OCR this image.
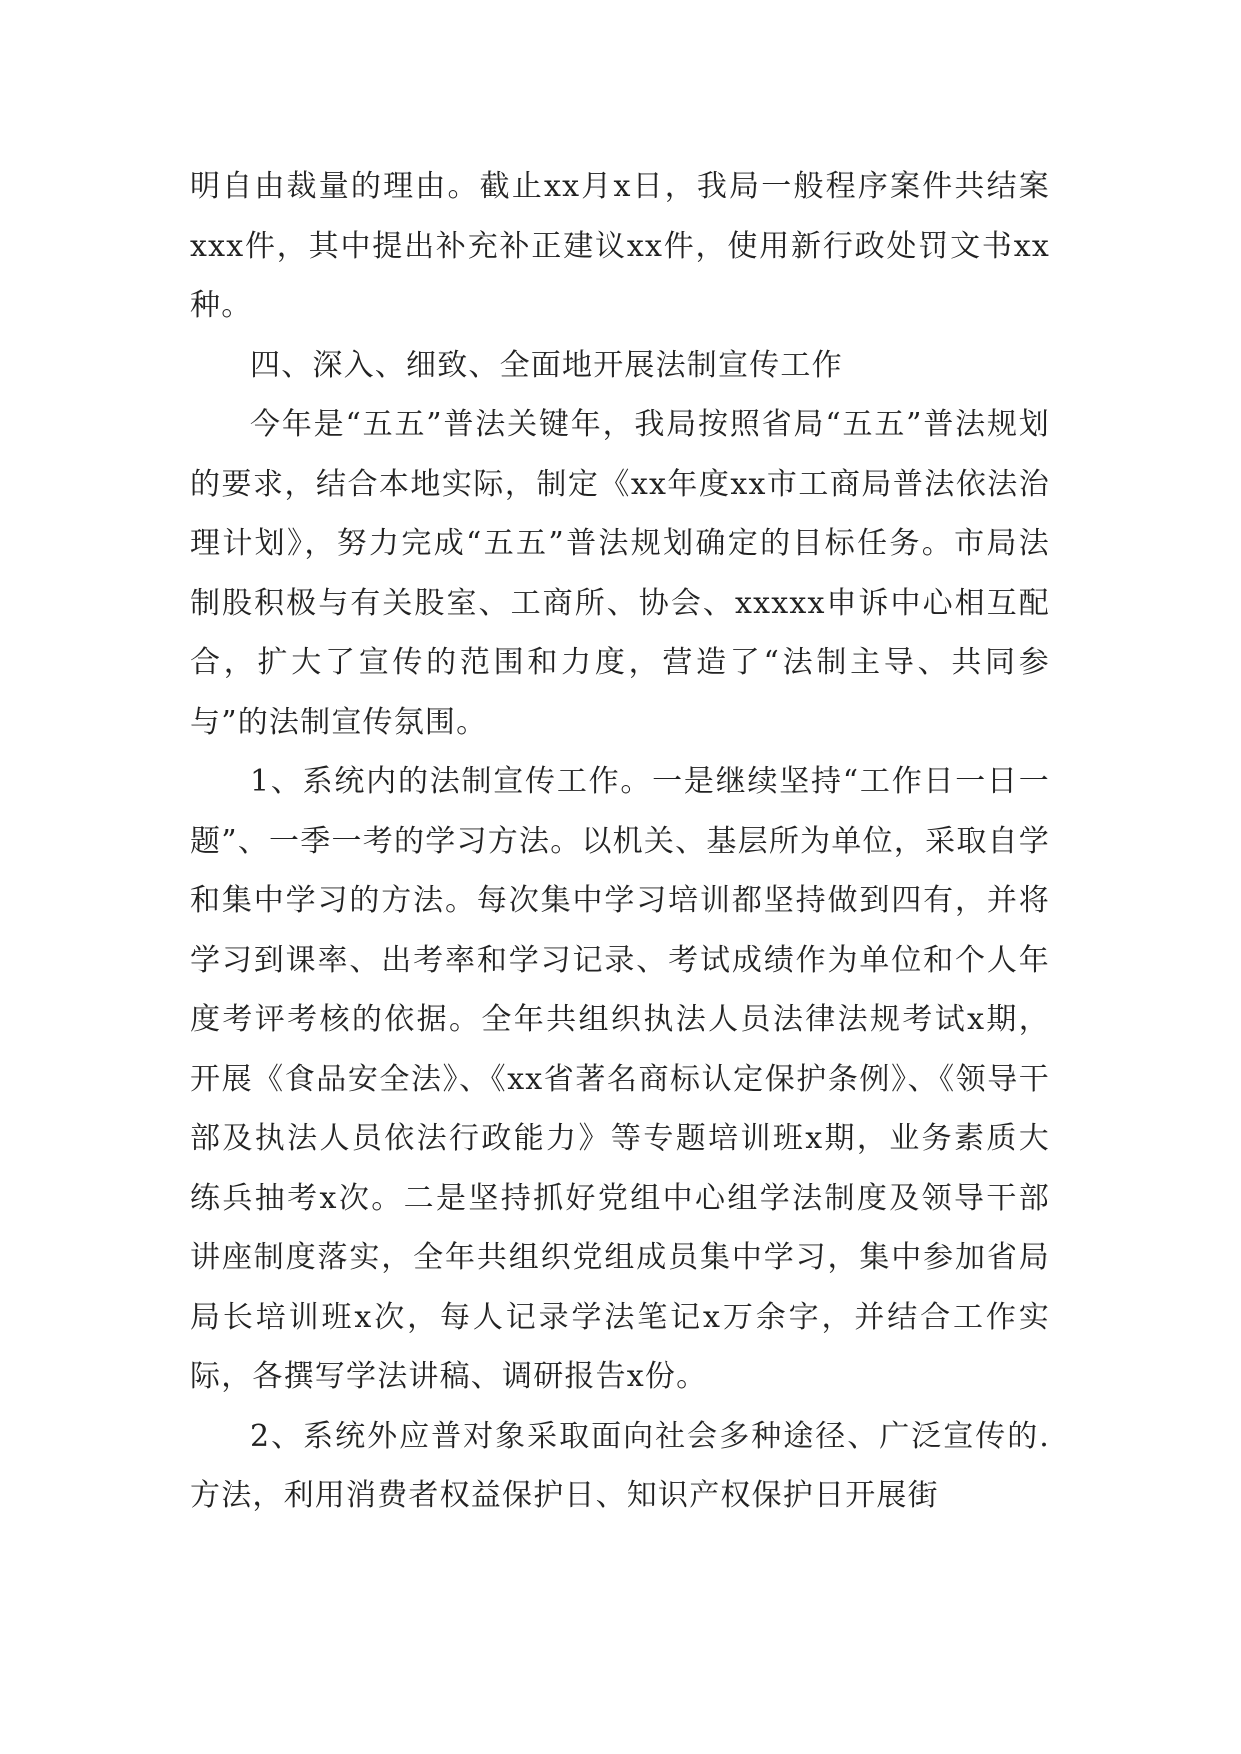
明自由裁量的理由。截止xx月x日，我局一般程序案件共结案xxx件，其中提出补充补正建议xx件，使用新行政处罚文书xx种。

四、深入、细致、全面地开展法制宣传工作

今年是“五五”普法关键年，我局按照省局“五五”普法规划的要求，结合本地实际，制定《xx年度xx市工商局普法依法治理计划》，努力完成“五五”普法规划确定的目标任务。市局法制股积极与有关股室、工商所、协会、xxxxx申诉中心相互配合，扩大了宣传的范围和力度，营造了“法制主导、共同参与”的法制宣传氛围。

1、系统内的法制宣传工作。一是继续坚持“工作日一日一题”、一季一考的学习方法。以机关、基层所为单位，采取自学和集中学习的方法。每次集中学习培训都坚持做到四有，并将学习到课率、出考率和学习记录、考试成绩作为单位和个人年度考评考核的依据。全年共组织执法人员法律法规考试x期，开展《食品安全法》、《xx省著名商标认定保护条例》、《领导干部及执法人员依法行政能力》等专题培训班x期，业务素质大练兵抽考x次。二是坚持抓好党组中心组学法制度及领导干部讲座制度落实，全年共组织党组成员集中学习，集中参加省局局长培训班x次，每人记录学法笔记x万余字，并结合工作实际，各撰写学法讲稿、调研报告x份。

2、系统外应普对象采取面向社会多种途径、广泛宣传的.方法，利用消费者权益保护日、知识产权保护日开展街
